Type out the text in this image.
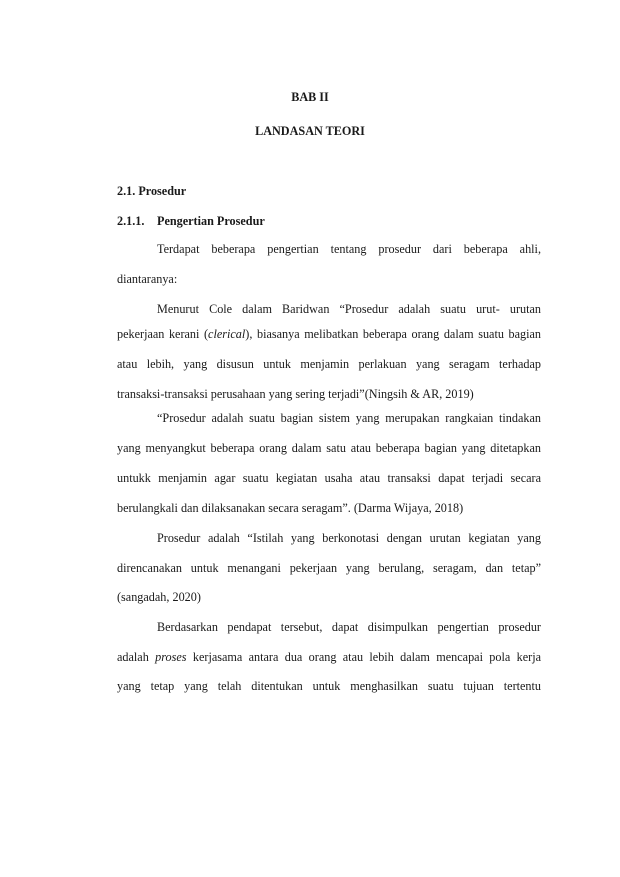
BAB II
LANDASAN TEORI
2.1. Prosedur
2.1.1. Pengertian Prosedur
Terdapat beberapa pengertian tentang prosedur dari beberapa ahli,
diantaranya:
Menurut Cole dalam Baridwan “Prosedur adalah suatu urut- urutan
pekerjaan kerani (clerical), biasanya melibatkan beberapa orang dalam suatu bagian
atau lebih, yang disusun untuk menjamin perlakuan yang seragam terhadap
transaksi-transaksi perusahaan yang sering terjadi”(Ningsih & AR, 2019)
“Prosedur adalah suatu bagian sistem yang merupakan rangkaian tindakan
yang menyangkut beberapa orang dalam satu atau beberapa bagian yang ditetapkan
untukk menjamin agar suatu kegiatan usaha atau transaksi dapat terjadi secara
berulangkali dan dilaksanakan secara seragam”. (Darma Wijaya, 2018)
Prosedur adalah “Istilah yang berkonotasi dengan urutan kegiatan yang
direncanakan untuk menangani pekerjaan yang berulang, seragam, dan tetap”
(sangadah, 2020)
Berdasarkan pendapat tersebut, dapat disimpulkan pengertian prosedur
adalah proses kerjasama antara dua orang atau lebih dalam mencapai pola kerja
yang tetap yang telah ditentukan untuk menghasilkan suatu tujuan tertentu
